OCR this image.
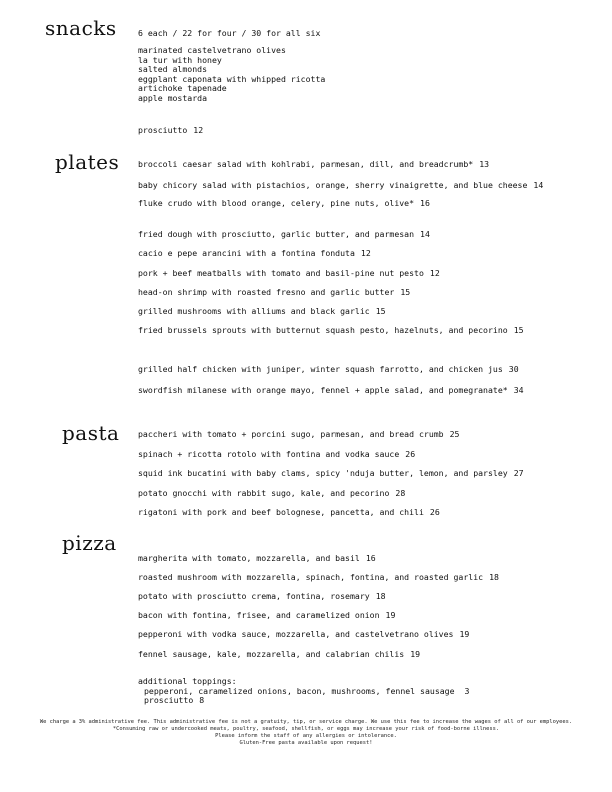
snacks	6 each / 22 for four / 30 for all six
marinated castelvetrano olives
la tur with honey
salted almonds
eggplant caponata with whipped ricotta
artichoke tapenade
apple mostarda
prosciutto 12
plates broccoli caesar salad with kohlrabi, parmesan, dill, and breadcrumb* 13
baby chicory salad with pistachios, orange, sherry vinaigrette, and blue cheese 14
fluke crudo with blood orange, celery, pine nuts, olive* 16
fried dough with prosciutto, garlic butter, and parmesan 14
cacio e pepe arancini with a fontina fonduta 12
pork + beef meatballs with tomato and basil-pine nut pesto 12
head-on shrimp with roasted fresno and garlic butter 15
grilled mushrooms with alliums and black garlic 15
fried brussels sprouts with butternut squash pesto, hazelnuts, and pecorino 15
grilled half chicken with juniper, winter squash farrotto, and chicken jus 30
swordfish milanese with orange mayo, fennel + apple salad, and pomegranate* 34
pasta paccheri with tomato + porcini sugo, parmesan, and bread crumb 25
spinach + ricotta rotolo with fontina and vodka sauce 26
squid ink bucatini with baby clams, spicy 'nduja butter, lemon, and parsley 27
potato gnocchi with rabbit sugo, kale, and pecorino 28
rigatoni with pork and beef bolognese, pancetta, and chili 26
pizza
margherita with tomato, mozzarella, and basil 16
roasted mushroom with mozzarella, spinach, fontina, and roasted garlic 18
potato with prosciutto crema, fontina, rosemary 18
bacon with fontina, frisee, and caramelized onion 19
pepperoni with vodka sauce, mozzarella, and castelvetrano olives 19
fennel sausage, kale, mozzarella, and calabrian chilis 19
additional toppings:
pepperoni, caramelized onions, bacon, mushrooms, fennel sausage 3
prosciutto 8
We charge a 3% administrative fee. This administrative fee is not a gratuity, tip, or service charge. We use this fee to increase the wages of all of our employees.
*Consuming raw or undercooked meats, poultry, seafood, shellfish, or eggs may increase your risk of food-borne illness.
Please inform the staff of any allergies or intolerance.
Gluten-Free pasta available upon request!
